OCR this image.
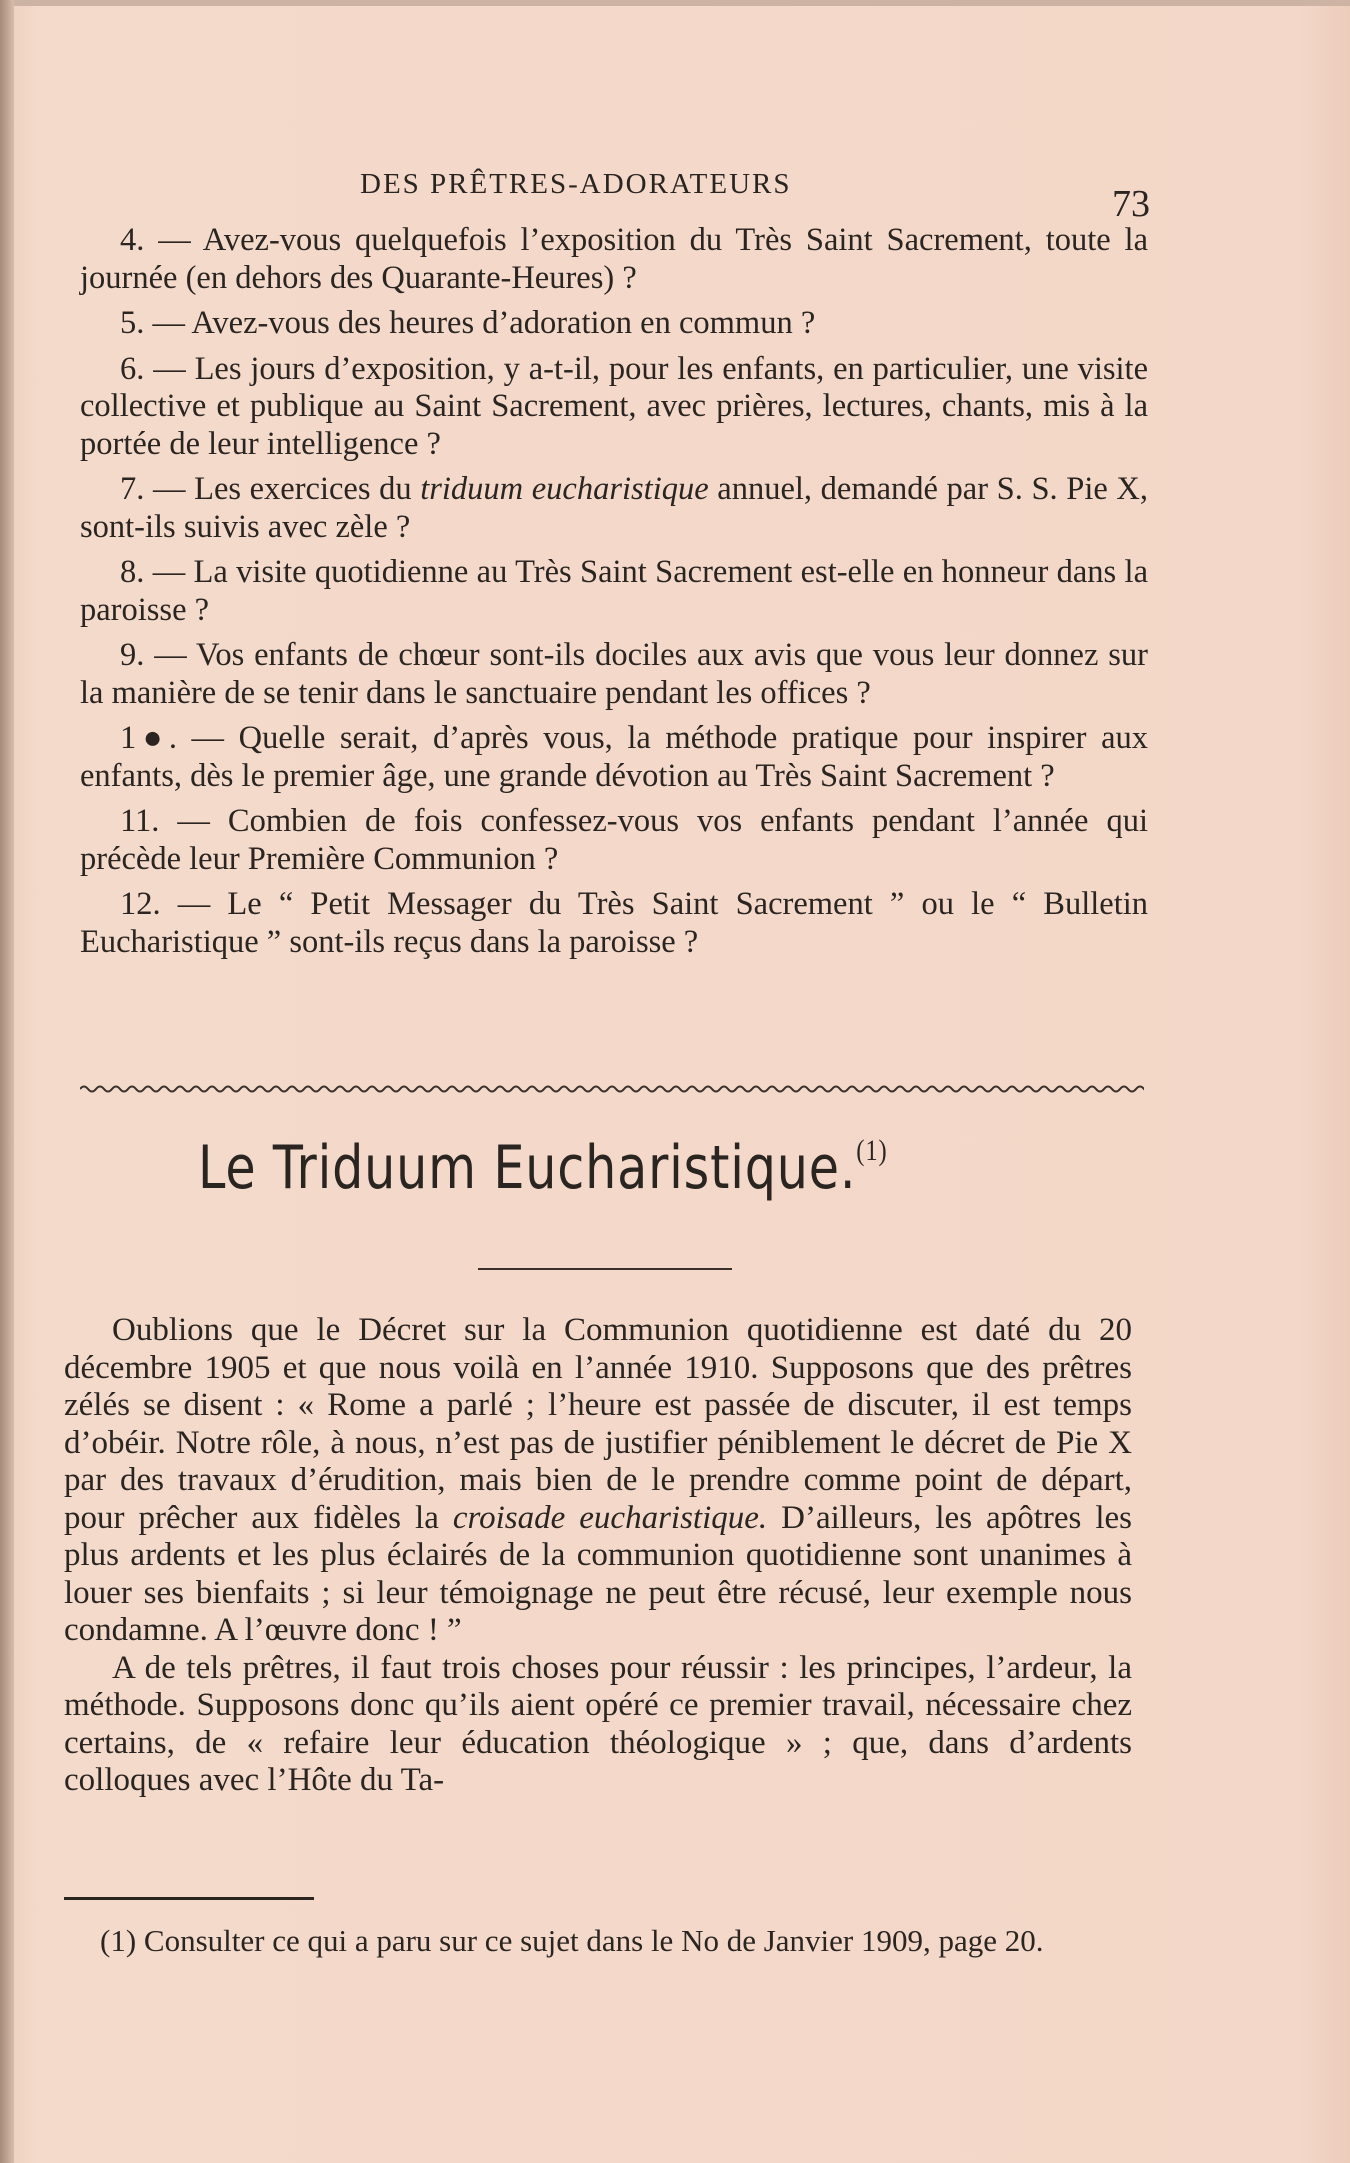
DES PRÊTRES-ADORATEURS	73

4. — Avez-vous quelquefois l’exposition du Très Saint Sacrement, toute la journée (en dehors des Quarante-Heures) ?

5. — Avez-vous des heures d’adoration en commun ?

6. — Les jours d’exposition, y a-t-il, pour les enfants, en particulier, une visite collective et publique au Saint Sacrement, avec prières, lectures, chants, mis à la portée de leur intelligence ?

7. — Les exercices du triduum eucharistique annuel, demandé par S. S. Pie X, sont-ils suivis avec zèle ?

8. — La visite quotidienne au Très Saint Sacrement est-elle en honneur dans la paroisse ?

9. — Vos enfants de chœur sont-ils dociles aux avis que vous leur donnez sur la manière de se tenir dans le sanctuaire pendant les offices ?

1●. — Quelle serait, d’après vous, la méthode pratique pour inspirer aux enfants, dès le premier âge, une grande dévotion au Très Saint Sacrement ?

11. — Combien de fois confessez-vous vos enfants pendant l’année qui précède leur Première Communion ?

12. — Le “ Petit Messager du Très Saint Sacrement ” ou le “ Bulletin Eucharistique ” sont-ils reçus dans la paroisse ?

Le Triduum Eucharistique.$^{(1)}$

Oublions que le Décret sur la Communion quotidienne est daté du 20 décembre 1905 et que nous voilà en l’année 1910. Supposons que des prêtres zélés se disent : « Rome a parlé ; l’heure est passée de discuter, il est temps d’obéir. Notre rôle, à nous, n’est pas de justifier péniblement le décret de Pie X par des travaux d’érudition, mais bien de le prendre comme point de départ, pour prêcher aux fidèles la croisade eucharistique. D’ailleurs, les apôtres les plus ardents et les plus éclairés de la communion quotidienne sont unanimes à louer ses bienfaits ; si leur témoignage ne peut être récusé, leur exemple nous condamne. A l’œuvre donc ! ”

A de tels prêtres, il faut trois choses pour réussir : les principes, l’ardeur, la méthode. Supposons donc qu’ils aient opéré ce premier travail, nécessaire chez certains, de « refaire leur éducation théologique » ; que, dans d’ardents colloques avec l’Hôte du Ta-

(1) Consulter ce qui a paru sur ce sujet dans le No de Janvier 1909, page 20.
